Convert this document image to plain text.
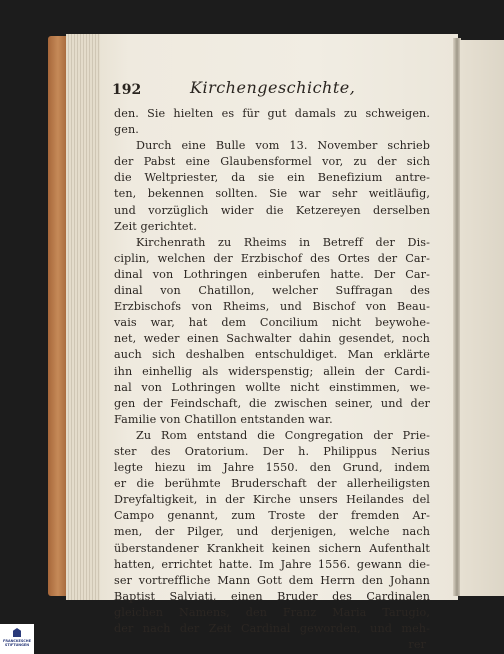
192	Kirchengeschichte,
den. Sie hielten es für gut damals zu schweigen.
gen.
Durch eine Bulle vom 13. November schrieb
der Pabst eine Glaubensformel vor, zu der sich
die Weltpriester, da sie ein Benefizium antre-
ten, bekennen sollten. Sie war sehr weitläufig,
und vorzüglich wider die Ketzereyen derselben
Zeit gerichtet.
Kirchenrath zu Rheims in Betreff der Dis-
ciplin, welchen der Erzbischof des Ortes der Car-
dinal von Lothringen einberufen hatte. Der Car-
dinal von Chatillon, welcher Suffragan des
Erzbischofs von Rheims, und Bischof von Beau-
vais war, hat dem Concilium nicht beywohe-
net, weder einen Sachwalter dahin gesendet, noch
auch sich deshalben entschuldiget. Man erklärte
ihn einhellig als widerspenstig; allein der Cardi-
nal von Lothringen wollte nicht einstimmen, we-
gen der Feindschaft, die zwischen seiner, und der
Familie von Chatillon entstanden war.
Zu Rom entstand die Congregation der Prie-
ster des Oratorium. Der h. Philippus Nerius
legte hiezu im Jahre 1550. den Grund, indem
er die berühmte Bruderschaft der allerheiligsten
Dreyfaltigkeit, in der Kirche unsers Heilandes del
Campo genannt, zum Troste der fremden Ar-
men, der Pilger, und derjenigen, welche nach
überstandener Krankheit keinen sichern Aufenthalt
hatten, errichtet hatte. Im Jahre 1556. gewann die-
ser vortreffliche Mann Gott dem Herrn den Johann
Baptist Salviati, einen Bruder des Cardinalen
gleichen Namens, den Franz Maria Tarugio,
der nach der Zeit Cardinal geworden, und meh-
rer
FRANCKESCHE STIFTUNGEN
